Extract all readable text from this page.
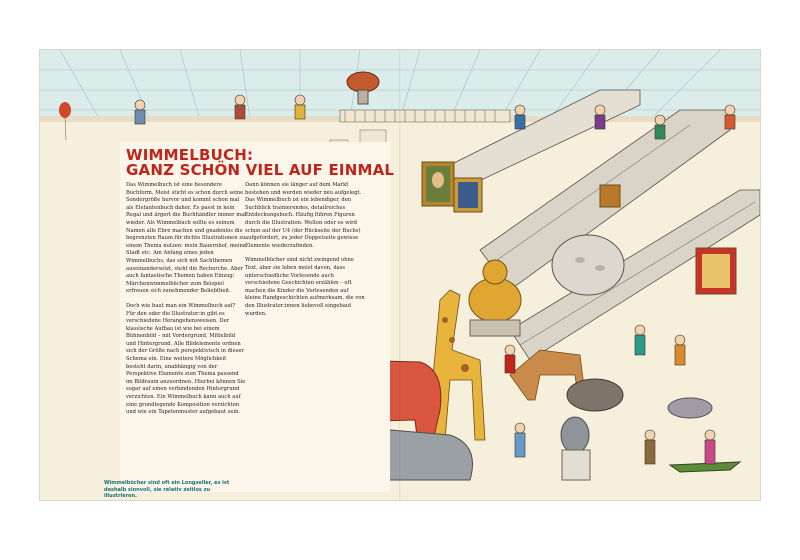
WIMMELBUCH:
GANZ SCHÖN VIEL AUF EINMAL

Das Wimmelbuch ist eine besondere Buchform. Meist sticht es schon durch seine Sondergröße hervor und kommt schon mal als Elefantenbuch daher. Es passt in kein Regal und ärgert die Buchhändler immer mal wieder. Als Wimmelbuch sollte es seinem Namen alle Ehre machen und gnadenlos die begrenzten Raum für dichte Illustrationen zu einem Thema nutzen: mein Bauernhof, meine Stadt etc. Am Anfang eines jeden Wimmelbuchs, das sich mit Sachthemen auseinandersetzt, steht die Recherche. Aber auch fantastische Themen haben Einzug: Märchenwimmelbücher zum Beispiel erfreuen sich zunehmender Beliebtheit.

Doch wie baut man ein Wimmelbuch auf? Für den oder die Illustrator:in gibt es verschiedene Herangehensweisen. Der klassische Aufbau ist wie bei einem Bühnenbild – mit Vordergrund, Mittelbild und Hintergrund. Alle Bildelemente ordnen sich der Größe nach perspektivisch in dieser Schema ein. Eine weitere Möglichkeit besteht darin, unabhängig von der Perspektive Elemente zum Thema passend im Bildraum anzuordnen. Hierbei können Sie sogar auf einen verbindenden Hintergrund verzichten. Ein Wimmelbuch kann auch auf eine grundlegende Komposition verzichten und wie ein Tapetenmuster aufgebaut sein.

Dann können sie länger auf dem Markt bestehen und werden wieder neu aufgelegt. Das Wimmelbuch ist ein lebendiger, den Suchblick trainierendes, detailreiches Entdeckungsbuch. Häufig führen Figuren durch die Illustration. Welten oder es wird schon auf der U4 (der Rückseite der Buchs) aufgefordert, zu jeder Doppelseite gewisse Elemente wiederzufinden.

Wimmelbücher sind nicht zwingend ohne Text, aber sie leben meist davon, dass unterschiedliche Vorlesende auch verschiedene Geschichten erzählen – oft machen die Kinder die Vorlesenden auf kleine Randgeschichten aufmerksam, die von den Illustrator:innen liebevoll eingebaut wurden.

Wimmelbücher sind oft ein Longseller, es ist deshalb sinnvoll, sie relativ zeitlos zu illustrieren.
